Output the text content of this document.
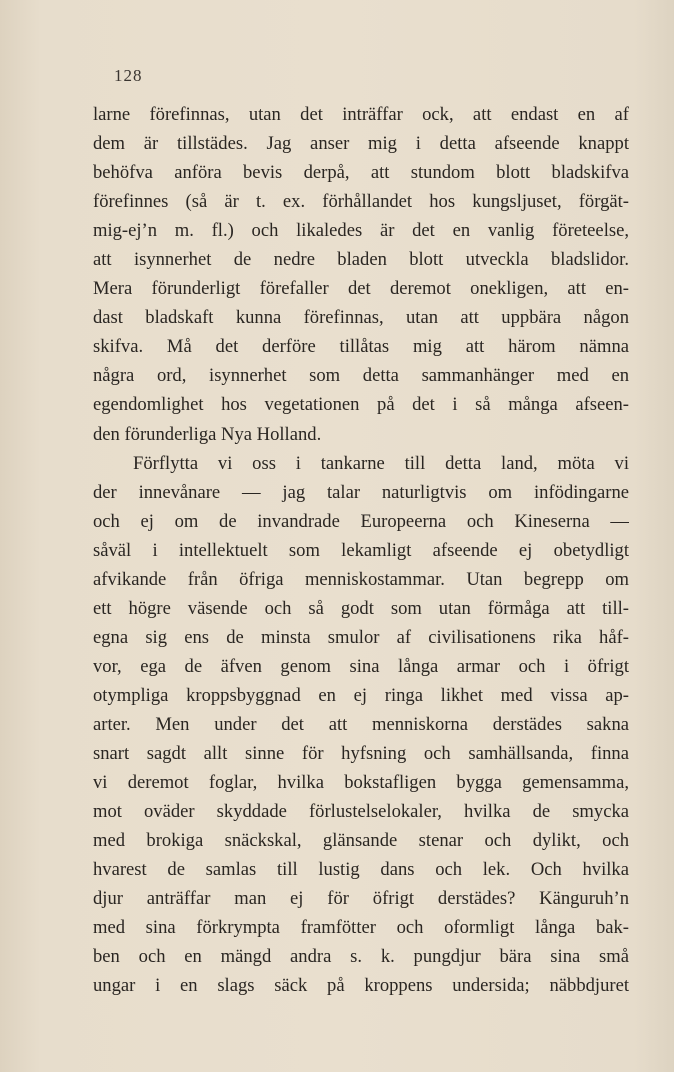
128
larne förefinnas, utan det inträffar ock, att endast en af
dem är tillstädes. Jag anser mig i detta afseende knappt
behöfva anföra bevis derpå, att stundom blott bladskifva
förefinnes (så är t. ex. förhållandet hos kungsljuset, förgät-
mig-ej’n m. fl.) och likaledes är det en vanlig företeelse,
att isynnerhet de nedre bladen blott utveckla bladslidor.
Mera förunderligt förefaller det deremot onekligen, att en-
dast bladskaft kunna förefinnas, utan att uppbära någon
skifva. Må det derföre tillåtas mig att härom nämna
några ord, isynnerhet som detta sammanhänger med en
egendomlighet hos vegetationen på det i så många afseen-
den förunderliga Nya Holland.
Förflytta vi oss i tankarne till detta land, möta vi
der innevånare — jag talar naturligtvis om infödingarne
och ej om de invandrade Europeerna och Kineserna —
såväl i intellektuelt som lekamligt afseende ej obetydligt
afvikande från öfriga menniskostammar. Utan begrepp om
ett högre väsende och så godt som utan förmåga att till-
egna sig ens de minsta smulor af civilisationens rika håf-
vor, ega de äfven genom sina långa armar och i öfrigt
otympliga kroppsbyggnad en ej ringa likhet med vissa ap-
arter. Men under det att menniskorna derstädes sakna
snart sagdt allt sinne för hyfsning och samhällsanda, finna
vi deremot foglar, hvilka bokstafligen bygga gemensamma,
mot oväder skyddade förlustelselokaler, hvilka de smycka
med brokiga snäckskal, glänsande stenar och dylikt, och
hvarest de samlas till lustig dans och lek. Och hvilka
djur anträffar man ej för öfrigt derstädes? Känguruh’n
med sina förkrympta framfötter och oformligt långa bak-
ben och en mängd andra s. k. pungdjur bära sina små
ungar i en slags säck på kroppens undersida; näbbdjuret
